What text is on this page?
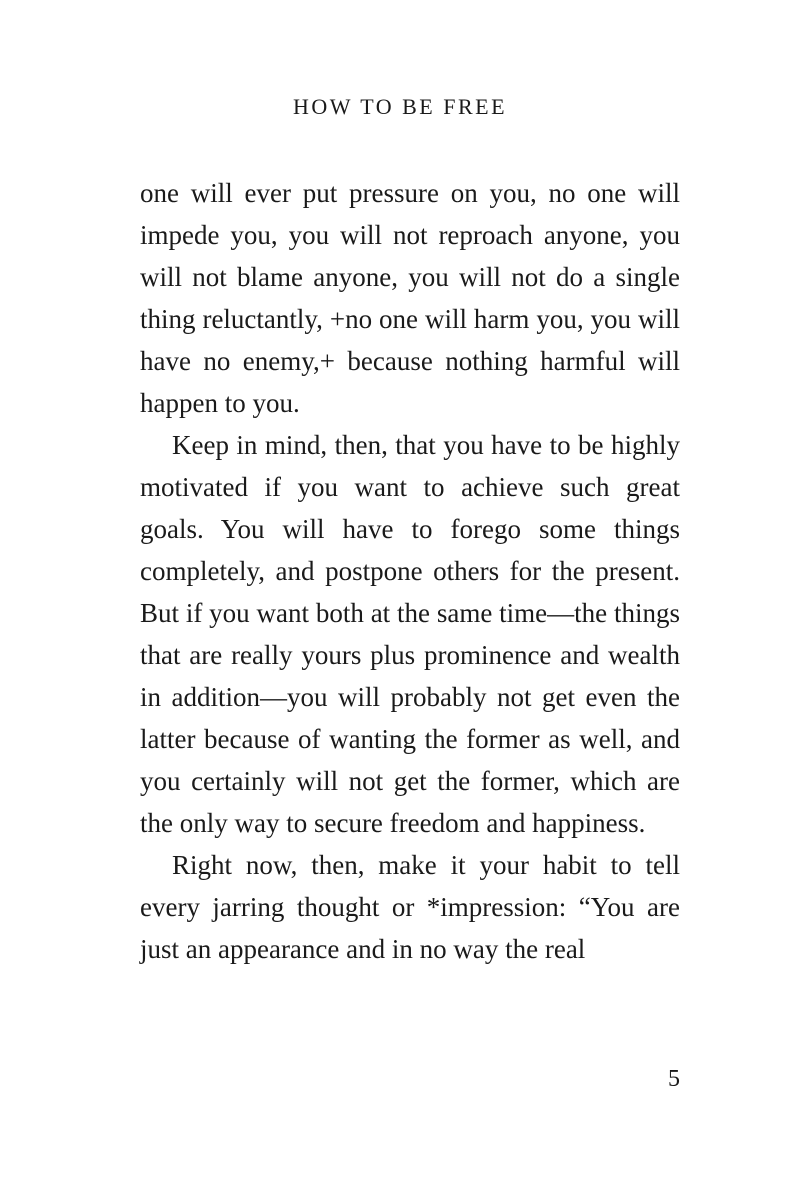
HOW TO BE FREE

one will ever put pressure on you, no one will impede you, you will not reproach anyone, you will not blame anyone, you will not do a single thing reluctantly, +no one will harm you, you will have no enemy,+ because nothing harmful will happen to you.

Keep in mind, then, that you have to be highly motivated if you want to achieve such great goals. You will have to forego some things completely, and postpone others for the present. But if you want both at the same time—the things that are really yours plus prominence and wealth in addition—you will probably not get even the latter because of wanting the former as well, and you certainly will not get the former, which are the only way to secure freedom and happiness.

Right now, then, make it your habit to tell every jarring thought or *impression: “You are just an appearance and in no way the real

5
